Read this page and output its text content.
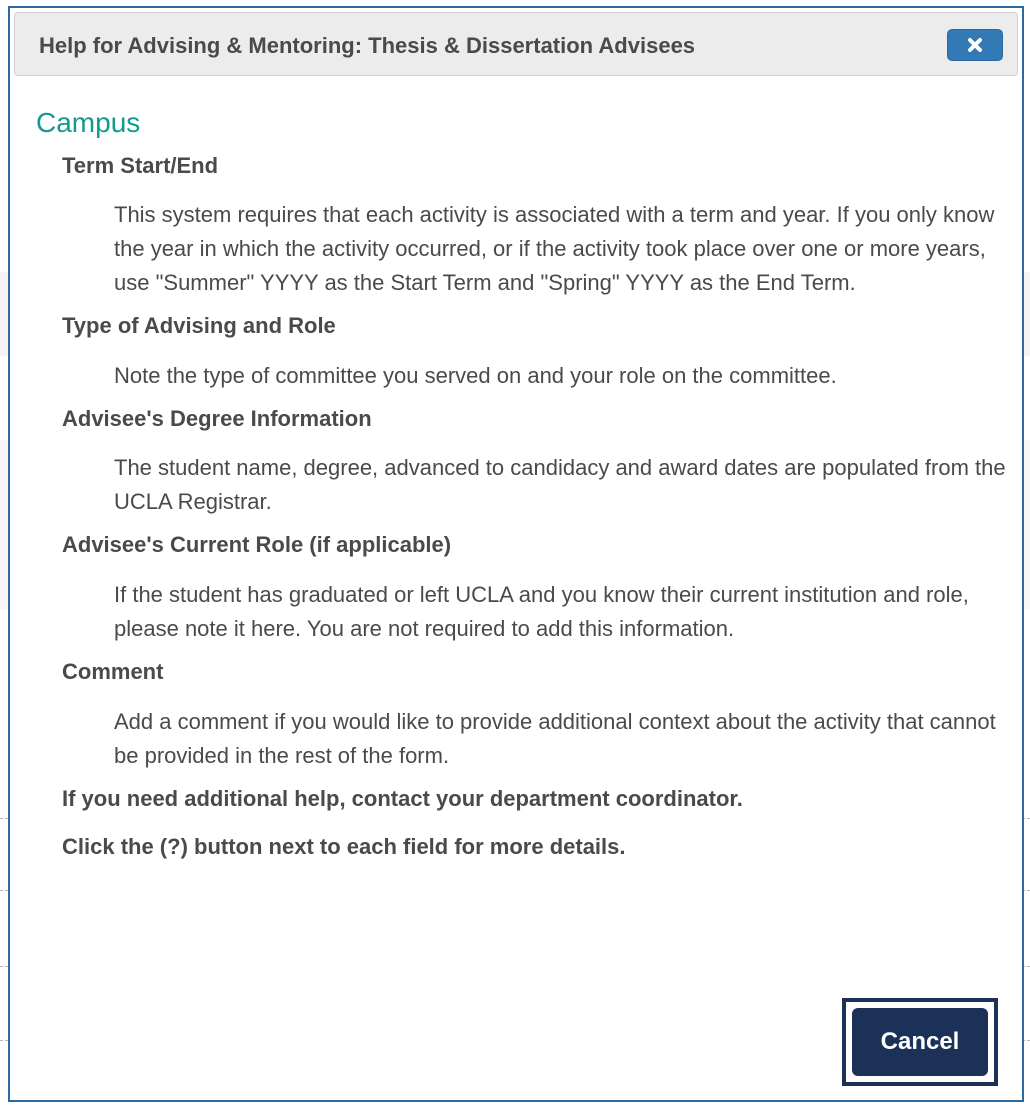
Help for Advising & Mentoring: Thesis & Dissertation Advisees
Campus
Term Start/End
This system requires that each activity is associated with a term and year. If you only know the year in which the activity occurred, or if the activity took place over one or more years, use "Summer" YYYY as the Start Term and "Spring" YYYY as the End Term.
Type of Advising and Role
Note the type of committee you served on and your role on the committee.
Advisee's Degree Information
The student name, degree, advanced to candidacy and award dates are populated from the UCLA Registrar.
Advisee's Current Role (if applicable)
If the student has graduated or left UCLA and you know their current institution and role, please note it here. You are not required to add this information.
Comment
Add a comment if you would like to provide additional context about the activity that cannot be provided in the rest of the form.
If you need additional help, contact your department coordinator.
Click the (?) button next to each field for more details.
Cancel
